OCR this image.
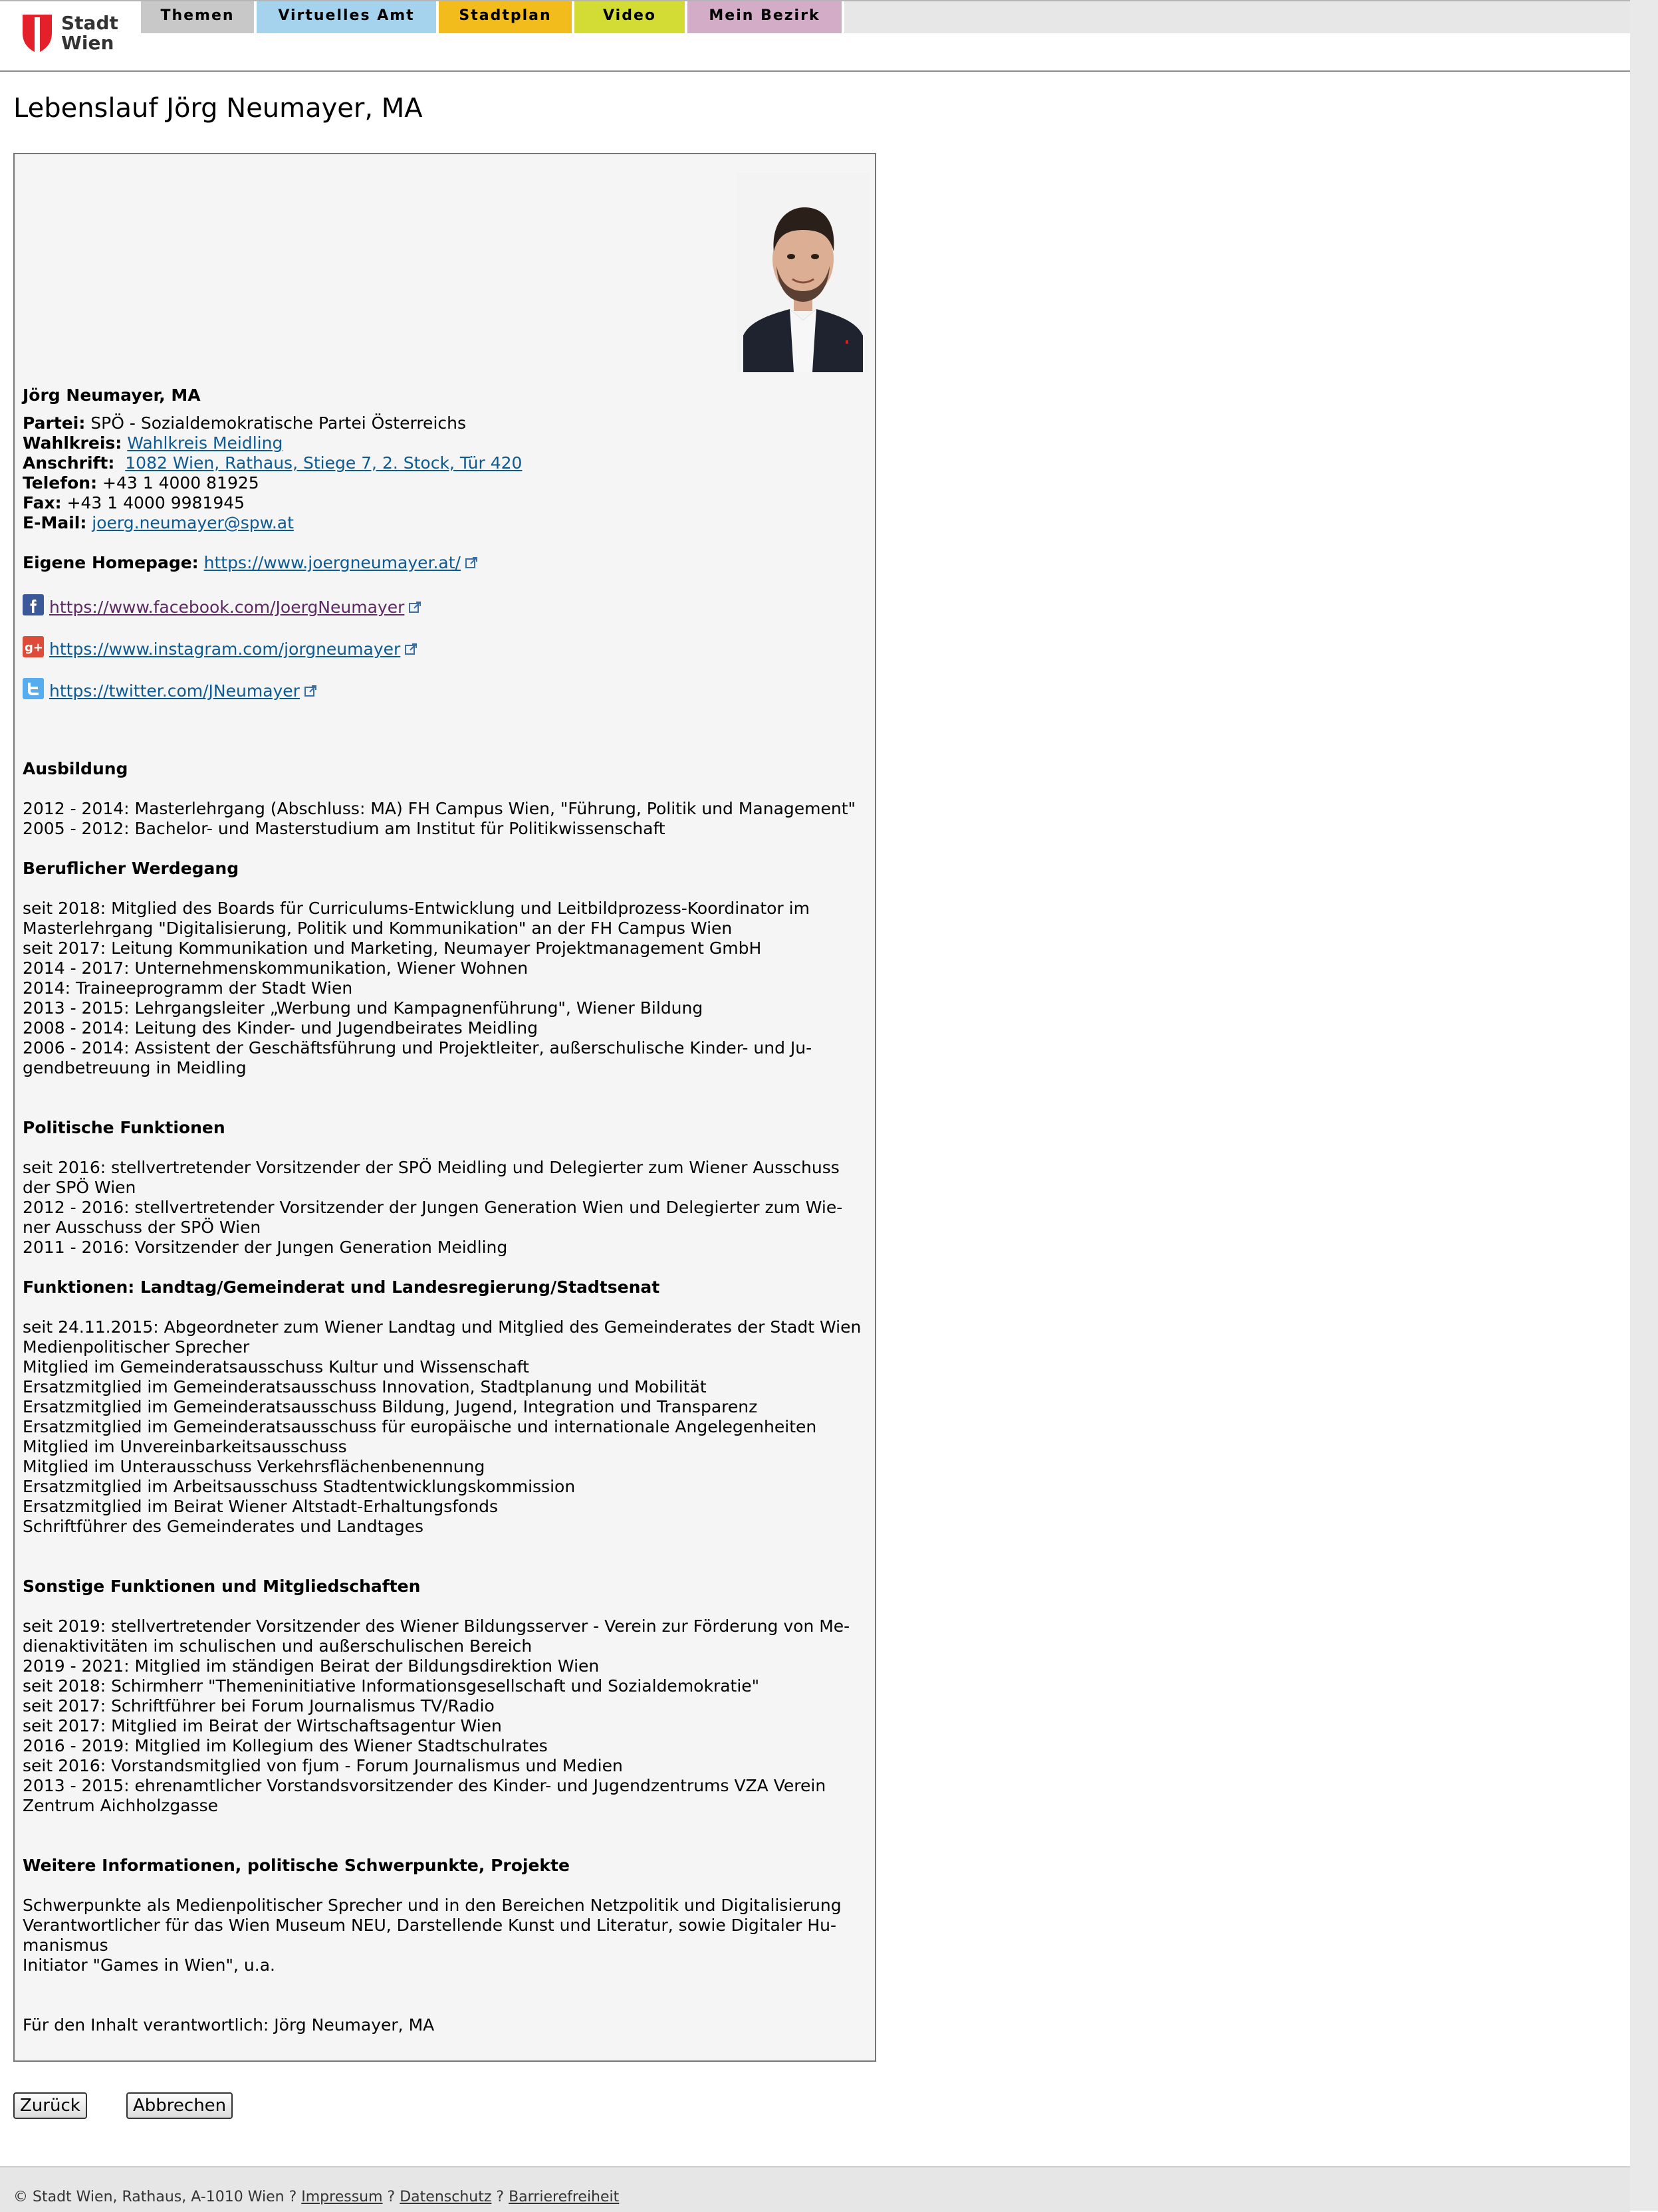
Stadt
Wien
Themen	Virtuelles Amt	Stadtplan	Video	Mein Bezirk
Lebenslauf Jörg Neumayer, MA
Jörg Neumayer, MA
Partei: SPÖ - Sozialdemokratische Partei Österreichs
Wahlkreis: Wahlkreis Meidling
Anschrift: 1082 Wien, Rathaus, Stiege 7, 2. Stock, Tür 420
Telefon: +43 1 4000 81925
Fax: +43 1 4000 9981945
E-Mail: joerg.neumayer@spw.at
Eigene Homepage: https://www.joergneumayer.at/
https://www.facebook.com/JoergNeumayer
g+ https://www.instagram.com/jorgneumayer
https://twitter.com/JNeumayer
Ausbildung
2012 - 2014: Masterlehrgang (Abschluss: MA) FH Campus Wien, "Führung, Politik und Management"
2005 - 2012: Bachelor- und Masterstudium am Institut für Politikwissenschaft
Beruflicher Werdegang
seit 2018: Mitglied des Boards für Curriculums-Entwicklung und Leitbildprozess-Koordinator im
Masterlehrgang "Digitalisierung, Politik und Kommunikation" an der FH Campus Wien
seit 2017: Leitung Kommunikation und Marketing, Neumayer Projektmanagement GmbH
2014 - 2017: Unternehmenskommunikation, Wiener Wohnen
2014: Traineeprogramm der Stadt Wien
2013 - 2015: Lehrgangsleiter „Werbung und Kampagnenführung", Wiener Bildung
2008 - 2014: Leitung des Kinder- und Jugendbeirates Meidling
2006 - 2014: Assistent der Geschäftsführung und Projektleiter, außerschulische Kinder- und Ju-
gendbetreuung in Meidling
Politische Funktionen
seit 2016: stellvertretender Vorsitzender der SPÖ Meidling und Delegierter zum Wiener Ausschuss
der SPÖ Wien
2012 - 2016: stellvertretender Vorsitzender der Jungen Generation Wien und Delegierter zum Wie-
ner Ausschuss der SPÖ Wien
2011 - 2016: Vorsitzender der Jungen Generation Meidling
Funktionen: Landtag/Gemeinderat und Landesregierung/Stadtsenat
seit 24.11.2015: Abgeordneter zum Wiener Landtag und Mitglied des Gemeinderates der Stadt Wien
Medienpolitischer Sprecher
Mitglied im Gemeinderatsausschuss Kultur und Wissenschaft
Ersatzmitglied im Gemeinderatsausschuss Innovation, Stadtplanung und Mobilität
Ersatzmitglied im Gemeinderatsausschuss Bildung, Jugend, Integration und Transparenz
Ersatzmitglied im Gemeinderatsausschuss für europäische und internationale Angelegenheiten
Mitglied im Unvereinbarkeitsausschuss
Mitglied im Unterausschuss Verkehrsflächenbenennung
Ersatzmitglied im Arbeitsausschuss Stadtentwicklungskommission
Ersatzmitglied im Beirat Wiener Altstadt-Erhaltungsfonds
Schriftführer des Gemeinderates und Landtages
Sonstige Funktionen und Mitgliedschaften
seit 2019: stellvertretender Vorsitzender des Wiener Bildungsserver - Verein zur Förderung von Me-
dienaktivitäten im schulischen und außerschulischen Bereich
2019 - 2021: Mitglied im ständigen Beirat der Bildungsdirektion Wien
seit 2018: Schirmherr "Themeninitiative Informationsgesellschaft und Sozialdemokratie"
seit 2017: Schriftführer bei Forum Journalismus TV/Radio
seit 2017: Mitglied im Beirat der Wirtschaftsagentur Wien
2016 - 2019: Mitglied im Kollegium des Wiener Stadtschulrates
seit 2016: Vorstandsmitglied von fjum - Forum Journalismus und Medien
2013 - 2015: ehrenamtlicher Vorstandsvorsitzender des Kinder- und Jugendzentrums VZA Verein
Zentrum Aichholzgasse
Weitere Informationen, politische Schwerpunkte, Projekte
Schwerpunkte als Medienpolitischer Sprecher und in den Bereichen Netzpolitik und Digitalisierung
Verantwortlicher für das Wien Museum NEU, Darstellende Kunst und Literatur, sowie Digitaler Hu-
manismus
Initiator "Games in Wien", u.a.
Für den Inhalt verantwortlich: Jörg Neumayer, MA
Zurück	Abbrechen
© Stadt Wien, Rathaus, A-1010 Wien ? Impressum ? Datenschutz ? Barrierefreiheit
